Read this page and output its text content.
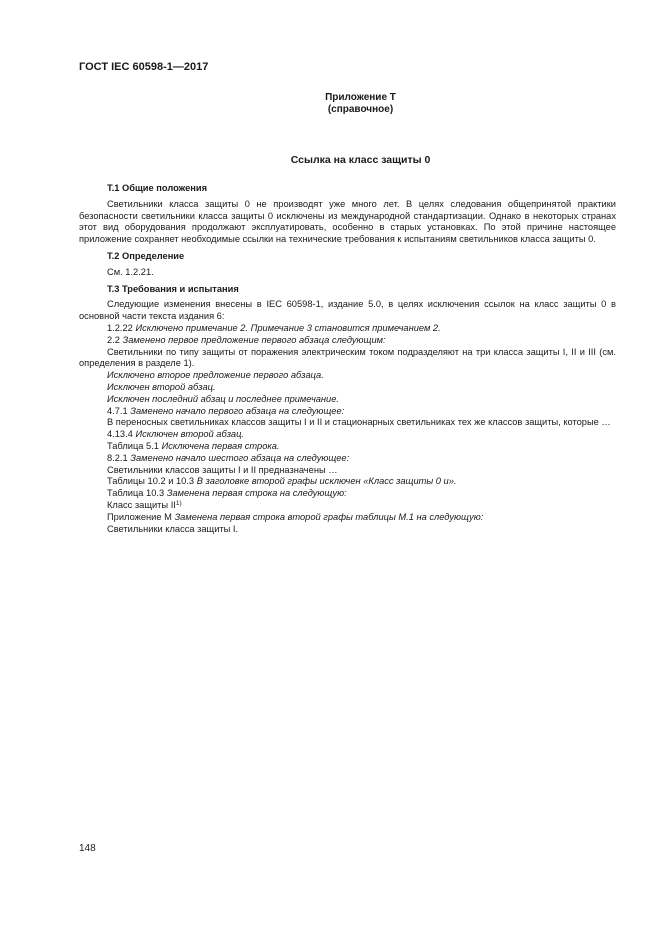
ГОСТ IEC 60598-1—2017
Приложение Т
(справочное)
Ссылка на класс защиты 0

Т.1 Общие положения

Светильники класса защиты 0 не производят уже много лет. В целях следования общепринятой практики безопасности светильники класса защиты 0 исключены из международной стандартизации. Однако в некоторых странах этот вид оборудования продолжают эксплуатировать, особенно в старых установках. По этой причине настоящее приложение сохраняет необходимые ссылки на технические требования к испытаниям светильников класса защиты 0.

Т.2 Определение

См. 1.2.21.

Т.3 Требования и испытания

Следующие изменения внесены в IEC 60598-1, издание 5.0, в целях исключения ссылок на класс защиты 0 в основной части текста издания 6:

1.2.22 Исключено примечание 2. Примечание 3 становится примечанием 2.

2.2 Заменено первое предложение первого абзаца следующим:

Светильники по типу защиты от поражения электрическим током подразделяют на три класса защиты I, II и III (см. определения в разделе 1).

Исключено второе предложение первого абзаца.

Исключен второй абзац.

Исключен последний абзац и последнее примечание.

4.7.1 Заменено начало первого абзаца на следующее:

В переносных светильниках классов защиты I и II и стационарных светильниках тех же классов защиты, которые …

4.13.4 Исключен второй абзац.

Таблица 5.1 Исключена первая строка.

8.2.1 Заменено начало шестого абзаца на следующее:

Светильники классов защиты I и II предназначены …

Таблицы 10.2 и 10.3 В заголовке второй графы исключен «Класс защиты 0 и».

Таблица 10.3 Заменена первая строка на следующую:

Класс защиты II$^{1)}$

Приложение М Заменена первая строка второй графы таблицы М.1 на следующую:

Светильники класса защиты I.

148
